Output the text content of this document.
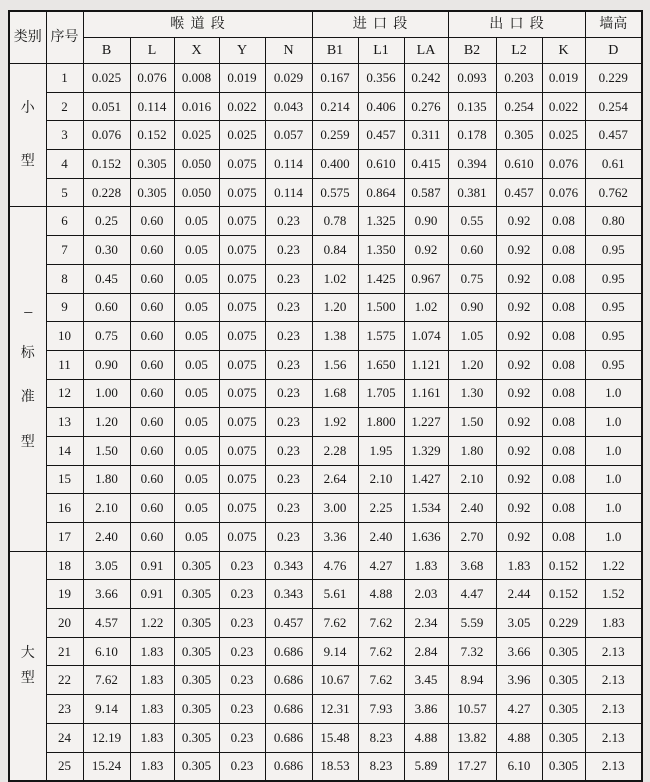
类别	序号	喉道段					进口段			出口段			墙高
		B	L	X	Y	N	B1	L1	LA	B2	L2	K	D

小
型	1	0.025	0.076	0.008	0.019	0.029	0.167	0.356	0.242	0.093	0.203	0.019	0.229
	2	0.051	0.114	0.016	0.022	0.043	0.214	0.406	0.276	0.135	0.254	0.022	0.254
	3	0.076	0.152	0.025	0.025	0.057	0.259	0.457	0.311	0.178	0.305	0.025	0.457
	4	0.152	0.305	0.050	0.075	0.114	0.400	0.610	0.415	0.394	0.610	0.076	0.61
	5	0.228	0.305	0.050	0.075	0.114	0.575	0.864	0.587	0.381	0.457	0.076	0.762

---
标
准
型	6	0.25	0.60	0.05	0.075	0.23	0.78	1.325	0.90	0.55	0.92	0.08	0.80
	7	0.30	0.60	0.05	0.075	0.23	0.84	1.350	0.92	0.60	0.92	0.08	0.95
	8	0.45	0.60	0.05	0.075	0.23	1.02	1.425	0.967	0.75	0.92	0.08	0.95
	9	0.60	0.60	0.05	0.075	0.23	1.20	1.500	1.02	0.90	0.92	0.08	0.95
	10	0.75	0.60	0.05	0.075	0.23	1.38	1.575	1.074	1.05	0.92	0.08	0.95
	11	0.90	0.60	0.05	0.075	0.23	1.56	1.650	1.121	1.20	0.92	0.08	0.95
	12	1.00	0.60	0.05	0.075	0.23	1.68	1.705	1.161	1.30	0.92	0.08	1.0
	13	1.20	0.60	0.05	0.075	0.23	1.92	1.800	1.227	1.50	0.92	0.08	1.0
	14	1.50	0.60	0.05	0.075	0.23	2.28	1.95	1.329	1.80	0.92	0.08	1.0
	15	1.80	0.60	0.05	0.075	0.23	2.64	2.10	1.427	2.10	0.92	0.08	1.0
	16	2.10	0.60	0.05	0.075	0.23	3.00	2.25	1.534	2.40	0.92	0.08	1.0
	17	2.40	0.60	0.05	0.075	0.23	3.36	2.40	1.636	2.70	0.92	0.08	1.0

大
型	18	3.05	0.91	0.305	0.23	0.343	4.76	4.27	1.83	3.68	1.83	0.152	1.22
	19	3.66	0.91	0.305	0.23	0.343	5.61	4.88	2.03	4.47	2.44	0.152	1.52
	20	4.57	1.22	0.305	0.23	0.457	7.62	7.62	2.34	5.59	3.05	0.229	1.83
	21	6.10	1.83	0.305	0.23	0.686	9.14	7.62	2.84	7.32	3.66	0.305	2.13
	22	7.62	1.83	0.305	0.23	0.686	10.67	7.62	3.45	8.94	3.96	0.305	2.13
	23	9.14	1.83	0.305	0.23	0.686	12.31	7.93	3.86	10.57	4.27	0.305	2.13
	24	12.19	1.83	0.305	0.23	0.686	15.48	8.23	4.88	13.82	4.88	0.305	2.13
	25	15.24	1.83	0.305	0.23	0.686	18.53	8.23	5.89	17.27	6.10	0.305	2.13
